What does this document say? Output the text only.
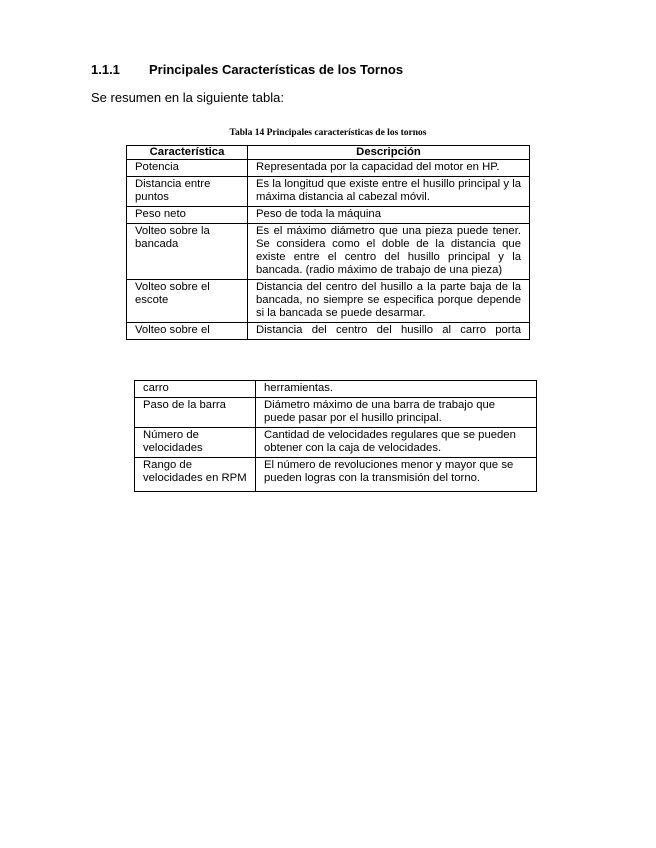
1.1.1 Principales Características de los Tornos
Se resumen en la siguiente tabla:
Tabla 14 Principales características de los tornos
Característica	Descripción
Potencia	Representada por la capacidad del motor en HP.
Distancia entre puntos	Es la longitud que existe entre el husillo principal y la máxima distancia al cabezal móvil.
Peso neto	Peso de toda la máquina
Volteo sobre la bancada	Es el máximo diámetro que una pieza puede tener. Se considera como el doble de la distancia que existe entre el centro del husillo principal y la bancada. (radio máximo de trabajo de una pieza)
Volteo sobre el escote	Distancia del centro del husillo a la parte baja de la bancada, no siempre se especifica porque depende si la bancada se puede desarmar.
Volteo sobre el	Distancia del centro del husillo al carro porta
carro	herramientas.
Paso de la barra	Diámetro máximo de una barra de trabajo que puede pasar por el husillo principal.
Número de velocidades	Cantidad de velocidades regulares que se pueden obtener con la caja de velocidades.
Rango de velocidades en RPM	El número de revoluciones menor y mayor que se pueden logras con la transmisión del torno.
